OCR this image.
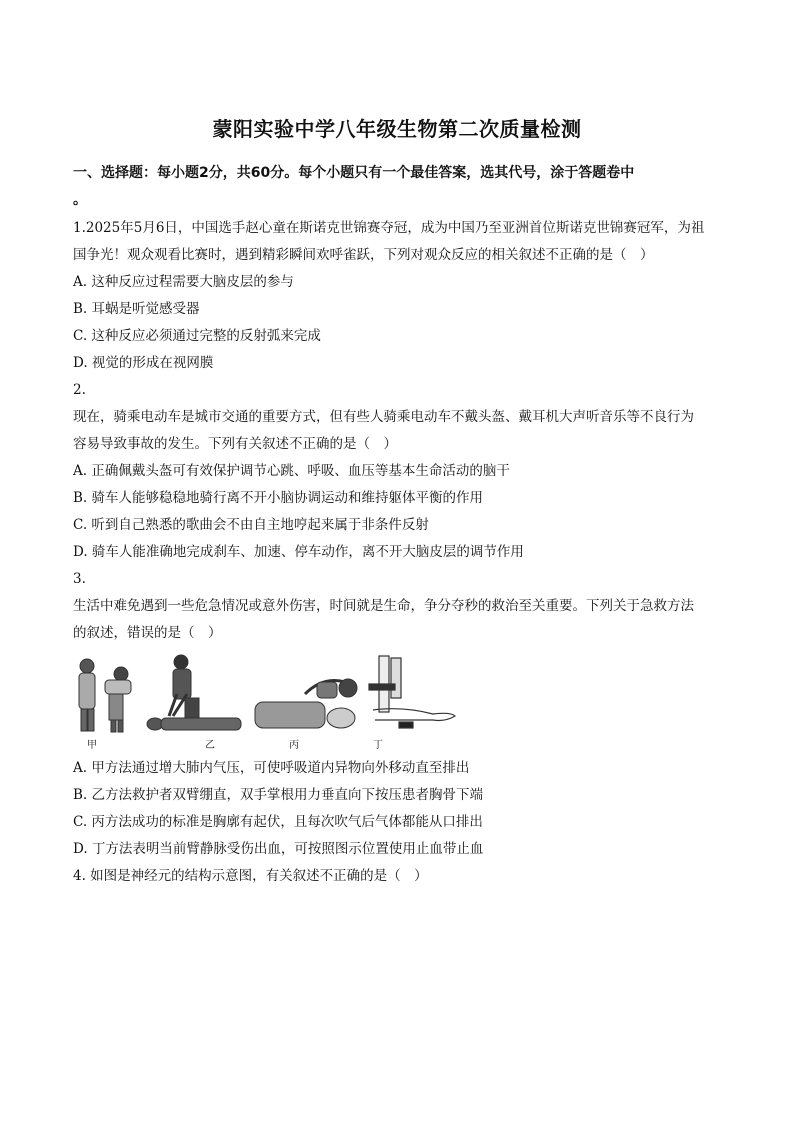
蒙阳实验中学八年级生物第二次质量检测
一、选择题：每小题2分，共60分。每个小题只有一个最佳答案，选其代号，涂于答题卷中
。
1.2025年5月6日，中国选手赵心童在斯诺克世锦赛夺冠，成为中国乃至亚洲首位斯诺克世锦赛冠军，为祖
国争光！观众观看比赛时，遇到精彩瞬间欢呼雀跃，下列对观众反应的相关叙述不正确的是（　）
A. 这种反应过程需要大脑皮层的参与
B. 耳蜗是听觉感受器
C. 这种反应必须通过完整的反射弧来完成
D. 视觉的形成在视网膜
2.
现在，骑乘电动车是城市交通的重要方式，但有些人骑乘电动车不戴头盔、戴耳机大声听音乐等不良行为
容易导致事故的发生。下列有关叙述不正确的是（　）
A. 正确佩戴头盔可有效保护调节心跳、呼吸、血压等基本生命活动的脑干
B. 骑车人能够稳稳地骑行离不开小脑协调运动和维持躯体平衡的作用
C. 听到自己熟悉的歌曲会不由自主地哼起来属于非条件反射
D. 骑车人能准确地完成刹车、加速、停车动作，离不开大脑皮层的调节作用
3.
生活中难免遇到一些危急情况或意外伤害，时间就是生命，争分夺秒的救治至关重要。下列关于急救方法
的叙述，错误的是（　）
甲	乙	丙	丁
A. 甲方法通过增大肺内气压，可使呼吸道内异物向外移动直至排出
B. 乙方法救护者双臂绷直，双手掌根用力垂直向下按压患者胸骨下端
C. 丙方法成功的标准是胸廓有起伏，且每次吹气后气体都能从口排出
D. 丁方法表明当前臂静脉受伤出血，可按照图示位置使用止血带止血
4. 如图是神经元的结构示意图，有关叙述不正确的是（　）
